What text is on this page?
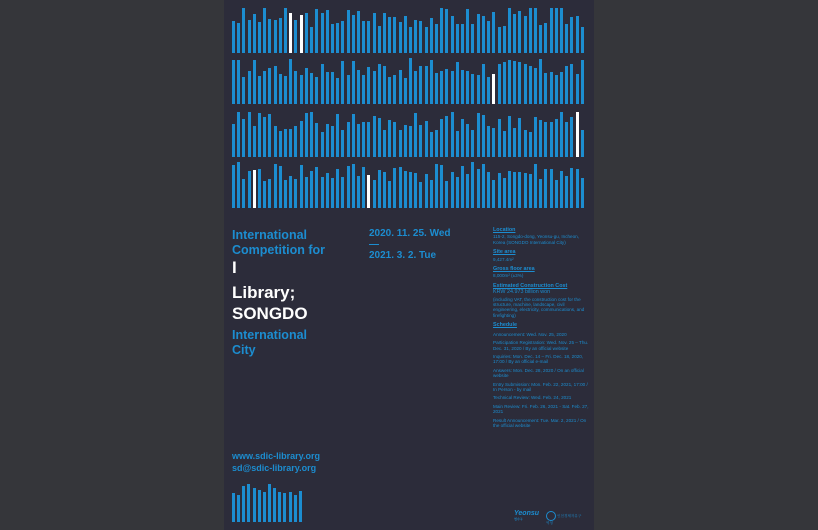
International
Competition for
I
Library;
SONGDO
International
City
2020. 11. 25. Wed
—
2021. 3. 2. Tue
Location
115-2, Songdo-dong, Yeonsu-gu, Incheon, Korea (SONGDO International City)
Site area
9,427.4m²
Gross floor area
8,000m² (±3%)
Estimated Construction Cost
KRW 24.973 billion won
(including VAT, the construction cost for the structure, machine, landscape, civil engineering, electricity, communications, and firefighting)
Schedule
Announcement: Wed. Nov. 25, 2020
Participation Registration: Wed. Nov. 25 – Thu. Dec. 31, 2020 / By an official website
Inquiries: Mon. Dec. 14 – Fri. Dec. 18, 2020, 17:00 / By an official e-mail
Answers: Mon. Dec. 28, 2020 / On an official website
Entry Submission: Mon. Feb. 22, 2021, 17:00 / In Person - by mail
Technical Review: Wed. Feb. 24, 2021
Main Review: Fri. Feb. 26, 2021 - Sat. Feb. 27, 2021
Result Announcement: Tue. Mar. 2, 2021 / On the official website
www.sdic-library.org
sd@sdic-library.org
Yeonsu
연수구
인천경제자유구역청
